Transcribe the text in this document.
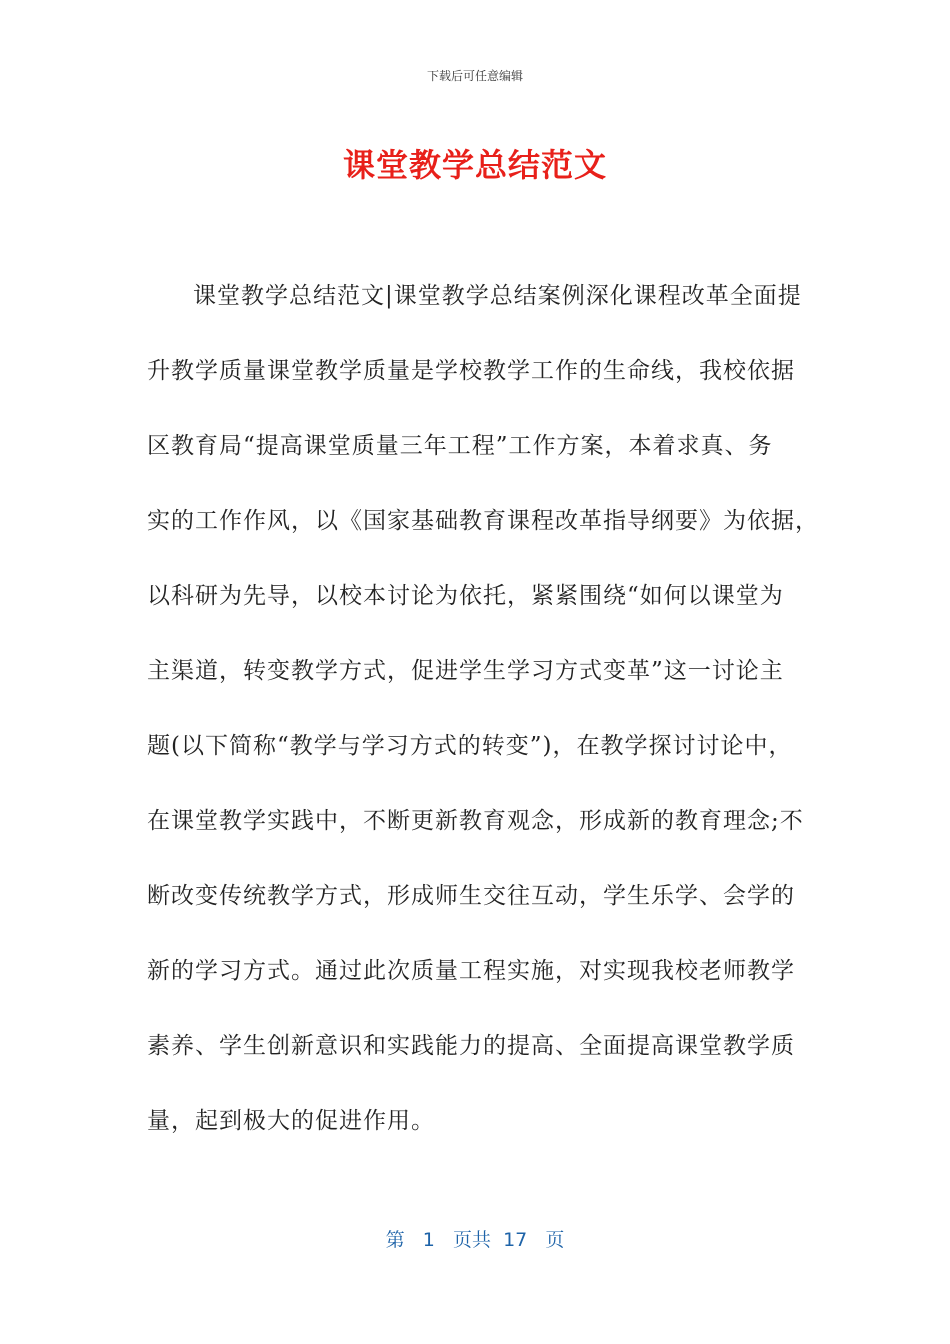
下载后可任意编辑
课堂教学总结范文
课堂教学总结范文|课堂教学总结案例深化课程改革全面提
升教学质量课堂教学质量是学校教学工作的生命线，我校依据
区教育局“提高课堂质量三年工程”工作方案，本着求真、务
实的工作作风，以《国家基础教育课程改革指导纲要》为依据，
以科研为先导，以校本讨论为依托，紧紧围绕“如何以课堂为
主渠道，转变教学方式，促进学生学习方式变革”这一讨论主
题(以下简称“教学与学习方式的转变”)，在教学探讨讨论中，
在课堂教学实践中，不断更新教育观念，形成新的教育理念;不
断改变传统教学方式，形成师生交往互动，学生乐学、会学的
新的学习方式。通过此次质量工程实施，对实现我校老师教学
素养、学生创新意识和实践能力的提高、全面提高课堂教学质
量，起到极大的促进作用。
第 1 页共 17 页
